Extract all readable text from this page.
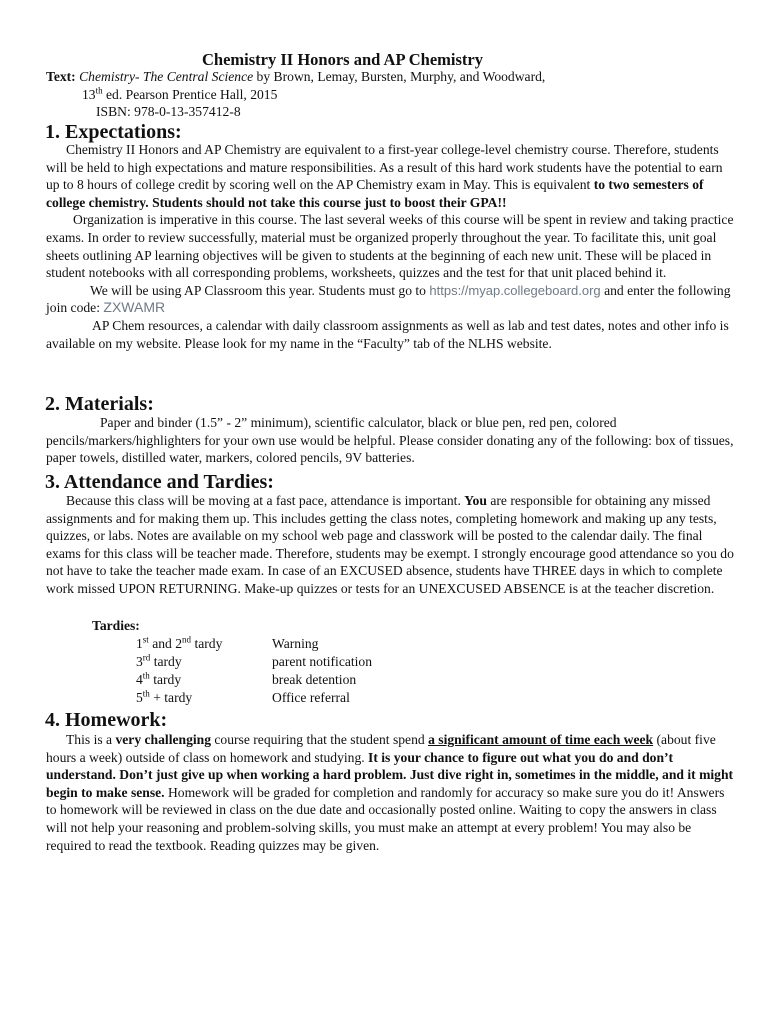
Chemistry II Honors and AP Chemistry
Text: Chemistry- The Central Science by Brown, Lemay, Bursten, Murphy, and Woodward,
13th ed. Pearson Prentice Hall, 2015
ISBN: 978-0-13-357412-8
1. Expectations:

Chemistry II Honors and AP Chemistry are equivalent to a first-year college-level chemistry course. Therefore, students will be held to high expectations and mature responsibilities. As a result of this hard work students have the potential to earn up to 8 hours of college credit by scoring well on the AP Chemistry exam in May. This is equivalent to two semesters of college chemistry. Students should not take this course just to boost their GPA!!

Organization is imperative in this course. The last several weeks of this course will be spent in review and taking practice exams. In order to review successfully, material must be organized properly throughout the year. To facilitate this, unit goal sheets outlining AP learning objectives will be given to students at the beginning of each new unit. These will be placed in student notebooks with all corresponding problems, worksheets, quizzes and the test for that unit placed behind it.

We will be using AP Classroom this year. Students must go to https://myap.collegeboard.org and enter the following join code: ZXWAMR

AP Chem resources, a calendar with daily classroom assignments as well as lab and test dates, notes and other info is available on my website. Please look for my name in the “Faculty” tab of the NLHS website.

2. Materials:

Paper and binder (1.5” - 2” minimum), scientific calculator, black or blue pen, red pen, colored pencils/markers/highlighters for your own use would be helpful. Please consider donating any of the following: box of tissues, paper towels, distilled water, markers, colored pencils, 9V batteries.

3. Attendance and Tardies:

Because this class will be moving at a fast pace, attendance is important. You are responsible for obtaining any missed assignments and for making them up. This includes getting the class notes, completing homework and making up any tests, quizzes, or labs. Notes are available on my school web page and classwork will be posted to the calendar daily. The final exams for this class will be teacher made. Therefore, students may be exempt. I strongly encourage good attendance so you do not have to take the teacher made exam. In case of an EXCUSED absence, students have THREE days in which to complete work missed UPON RETURNING. Make-up quizzes or tests for an UNEXCUSED ABSENCE is at the teacher discretion.

Tardies:
1st and 2nd tardy	Warning
3rd tardy	parent notification
4th tardy	break detention
5th + tardy	Office referral
4. Homework:

This is a very challenging course requiring that the student spend a significant amount of time each week (about five hours a week) outside of class on homework and studying. It is your chance to figure out what you do and don’t understand. Don’t just give up when working a hard problem. Just dive right in, sometimes in the middle, and it might begin to make sense. Homework will be graded for completion and randomly for accuracy so make sure you do it! Answers to homework will be reviewed in class on the due date and occasionally posted online. Waiting to copy the answers in class will not help your reasoning and problem-solving skills, you must make an attempt at every problem! You may also be required to read the textbook. Reading quizzes may be given.
